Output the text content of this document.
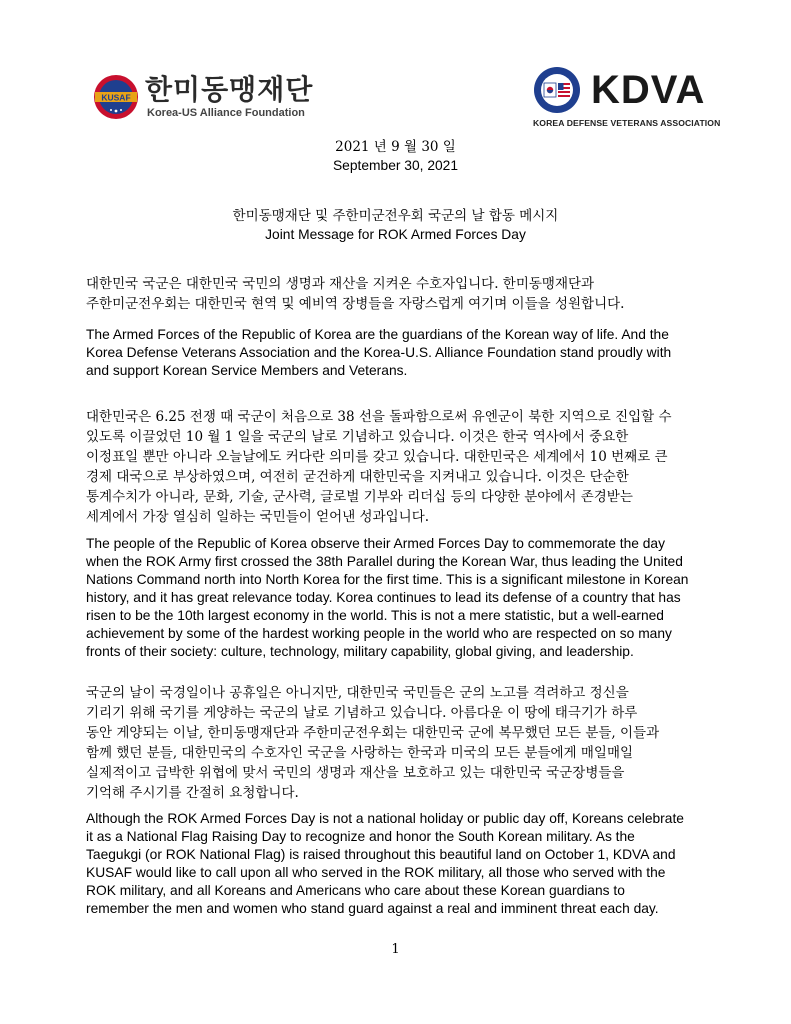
KUSAF 한미동맹재단
Korea-US Alliance Foundation
KDVA
KOREA DEFENSE VETERANS ASSOCIATION
2021 년 9 월 30 일
September 30, 2021
한미동맹재단 및 주한미군전우회 국군의 날 합동 메시지
Joint Message for ROK Armed Forces Day

대한민국 국군은 대한민국 국민의 생명과 재산을 지켜온 수호자입니다. 한미동맹재단과

주한미군전우회는 대한민국 현역 및 예비역 장병들을 자랑스럽게 여기며 이들을 성원합니다.

The Armed Forces of the Republic of Korea are the guardians of the Korean way of life. And the

Korea Defense Veterans Association and the Korea-U.S. Alliance Foundation stand proudly with

and support Korean Service Members and Veterans.

대한민국은 6.25 전쟁 때 국군이 처음으로 38 선을 돌파함으로써 유엔군이 북한 지역으로 진입할 수

있도록 이끌었던 10 월 1 일을 국군의 날로 기념하고 있습니다. 이것은 한국 역사에서 중요한

이정표일 뿐만 아니라 오늘날에도 커다란 의미를 갖고 있습니다. 대한민국은 세계에서 10 번째로 큰

경제 대국으로 부상하였으며, 여전히 굳건하게 대한민국을 지켜내고 있습니다. 이것은 단순한

통계수치가 아니라, 문화, 기술, 군사력, 글로벌 기부와 리더십 등의 다양한 분야에서 존경받는

세계에서 가장 열심히 일하는 국민들이 얻어낸 성과입니다.

The people of the Republic of Korea observe their Armed Forces Day to commemorate the day

when the ROK Army first crossed the 38th Parallel during the Korean War, thus leading the United

Nations Command north into North Korea for the first time. This is a significant milestone in Korean

history, and it has great relevance today. Korea continues to lead its defense of a country that has

risen to be the 10th largest economy in the world. This is not a mere statistic, but a well-earned

achievement by some of the hardest working people in the world who are respected on so many

fronts of their society: culture, technology, military capability, global giving, and leadership.

국군의 날이 국경일이나 공휴일은 아니지만, 대한민국 국민들은 군의 노고를 격려하고 정신을

기리기 위해 국기를 게양하는 국군의 날로 기념하고 있습니다. 아름다운 이 땅에 태극기가 하루

동안 게양되는 이날, 한미동맹재단과 주한미군전우회는 대한민국 군에 복무했던 모든 분들, 이들과

함께 했던 분들, 대한민국의 수호자인 국군을 사랑하는 한국과 미국의 모든 분들에게 매일매일

실제적이고 급박한 위협에 맞서 국민의 생명과 재산을 보호하고 있는 대한민국 국군장병들을

기억해 주시기를 간절히 요청합니다.

Although the ROK Armed Forces Day is not a national holiday or public day off, Koreans celebrate

it as a National Flag Raising Day to recognize and honor the South Korean military. As the

Taegukgi (or ROK National Flag) is raised throughout this beautiful land on October 1, KDVA and

KUSAF would like to call upon all who served in the ROK military, all those who served with the

ROK military, and all Koreans and Americans who care about these Korean guardians to

remember the men and women who stand guard against a real and imminent threat each day.

1
